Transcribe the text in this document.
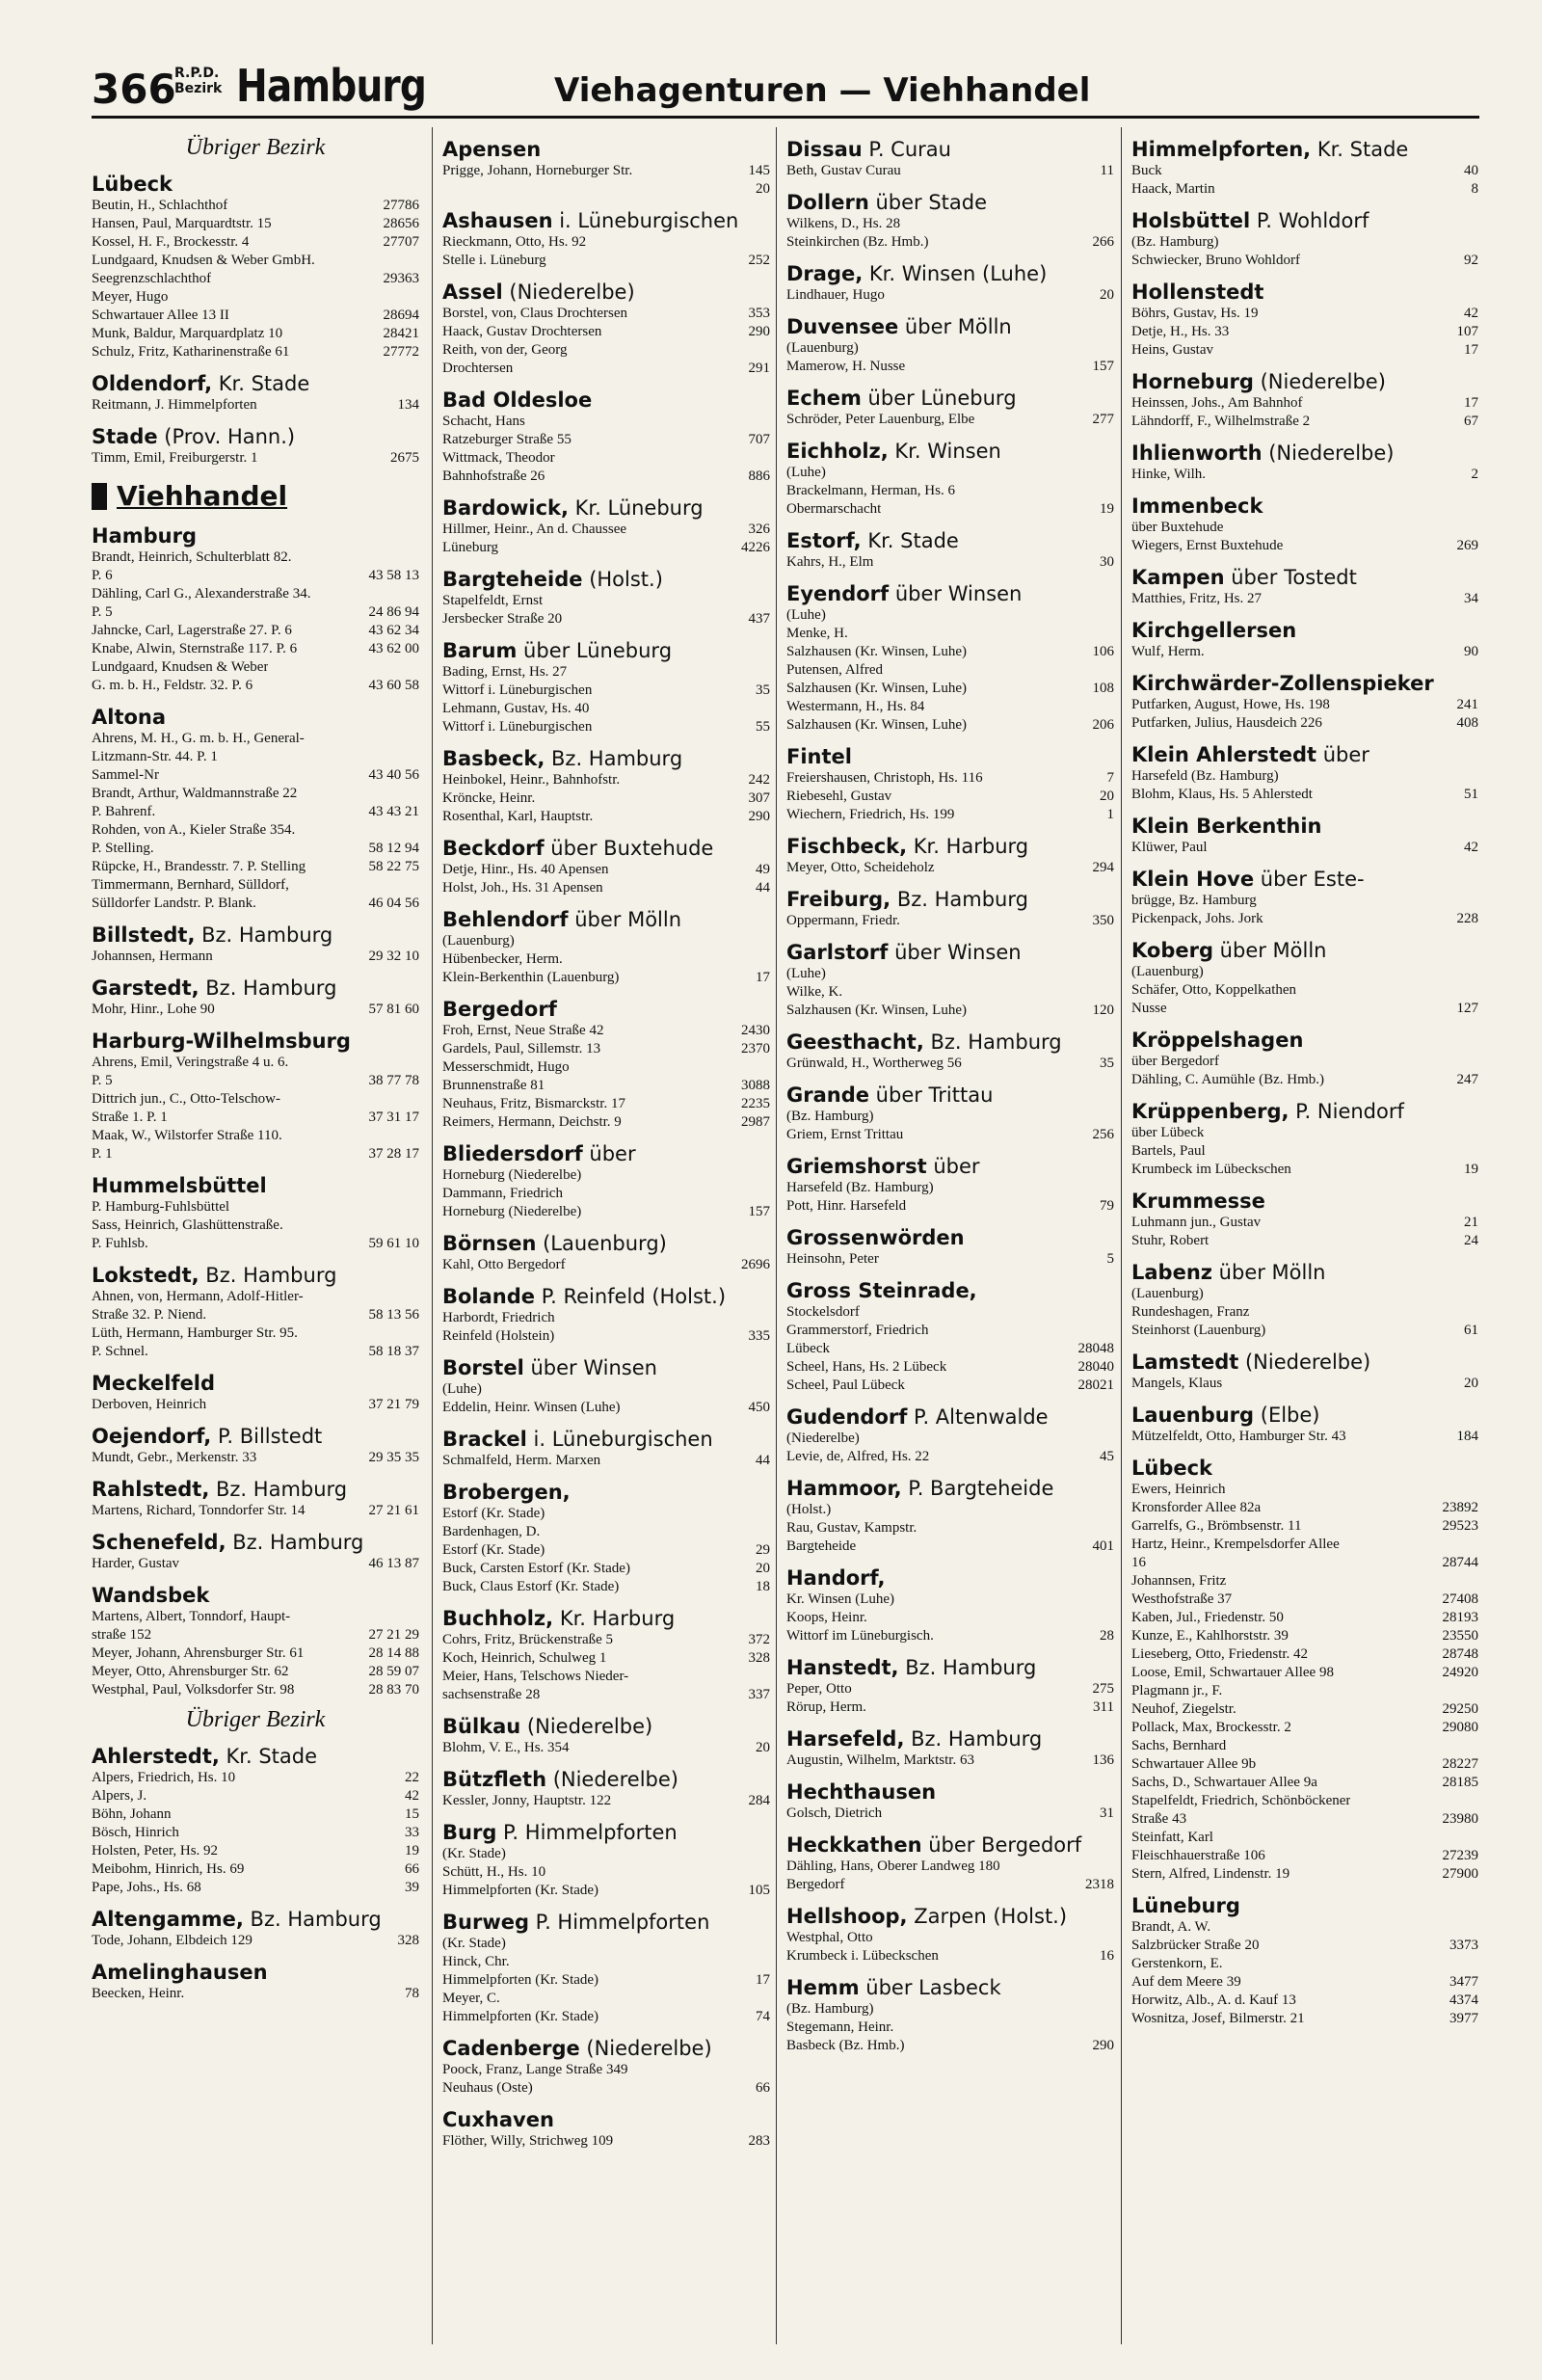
366
R.P.D.
Bezirk Hamburg	Viehagenturen — Viehhandel
Übriger Bezirk
Lübeck
Beutin, H., Schlachthof	27786
Hansen, Paul, Marquardtstr. 15	28656
Kossel, H. F., Brockesstr. 4	27707
Lundgaard, Knudsen & Weber GmbH.
Seegrenzschlachthof	29363
Meyer, Hugo
Schwartauer Allee 13 II	28694
Munk, Baldur, Marquardplatz 10	28421
Schulz, Fritz, Katharinenstraße 61	27772
Oldendorf, Kr. Stade
Reitmann, J. Himmelpforten	134
Stade (Prov. Hann.)
Timm, Emil, Freiburgerstr. 1	2675
Viehhandel
Hamburg
Brandt, Heinrich, Schulterblatt 82.
P. 6	43 58 13
Dähling, Carl G., Alexanderstraße 34.
P. 5	24 86 94
Jahncke, Carl, Lagerstraße 27. P. 6	43 62 34
Knabe, Alwin, Sternstraße 117. P. 6	43 62 00
Lundgaard, Knudsen & Weber
G. m. b. H., Feldstr. 32. P. 6	43 60 58
Altona
Ahrens, M. H., G. m. b. H., General-
Litzmann-Str. 44. P. 1
Sammel-Nr	43 40 56
Brandt, Arthur, Waldmannstraße 22
P. Bahrenf.	43 43 21
Rohden, von A., Kieler Straße 354.
P. Stelling.	58 12 94
Rüpcke, H., Brandesstr. 7. P. Stelling	58 22 75
Timmermann, Bernhard, Sülldorf,
Sülldorfer Landstr. P. Blank.	46 04 56
Billstedt, Bz. Hamburg
Johannsen, Hermann	29 32 10
Garstedt, Bz. Hamburg
Mohr, Hinr., Lohe 90	57 81 60
Harburg-Wilhelmsburg
Ahrens, Emil, Veringstraße 4 u. 6.
P. 5	38 77 78
Dittrich jun., C., Otto-Telschow-
Straße 1. P. 1	37 31 17
Maak, W., Wilstorfer Straße 110.
P. 1	37 28 17
Hummelsbüttel
P. Hamburg-Fuhlsbüttel
Sass, Heinrich, Glashüttenstraße.
P. Fuhlsb.	59 61 10
Lokstedt, Bz. Hamburg
Ahnen, von, Hermann, Adolf-Hitler-
Straße 32. P. Niend.	58 13 56
Lüth, Hermann, Hamburger Str. 95.
P. Schnel.	58 18 37
Meckelfeld
Derboven, Heinrich	37 21 79
Oejendorf, P. Billstedt
Mundt, Gebr., Merkenstr. 33	29 35 35
Rahlstedt, Bz. Hamburg
Martens, Richard, Tonndorfer Str. 14	27 21 61
Schenefeld, Bz. Hamburg
Harder, Gustav	46 13 87
Wandsbek
Martens, Albert, Tonndorf, Haupt-
straße 152	27 21 29
Meyer, Johann, Ahrensburger Str. 61	28 14 88
Meyer, Otto, Ahrensburger Str. 62	28 59 07
Westphal, Paul, Volksdorfer Str. 98	28 83 70
Übriger Bezirk
Ahlerstedt, Kr. Stade
Alpers, Friedrich, Hs. 10	22
Alpers, J.	42
Böhn, Johann	15
Bösch, Hinrich	33
Holsten, Peter, Hs. 92	19
Meibohm, Hinrich, Hs. 69	66
Pape, Johs., Hs. 68	39
Altengamme, Bz. Hamburg
Tode, Johann, Elbdeich 129	328
Amelinghausen
Beecken, Heinr.	78
Apensen
Prigge, Johann, Horneburger Str.	145
20
Ashausen i. Lüneburgischen
Rieckmann, Otto, Hs. 92
Stelle i. Lüneburg	252
Assel (Niederelbe)
Borstel, von, Claus Drochtersen	353
Haack, Gustav Drochtersen	290
Reith, von der, Georg
Drochtersen	291
Bad Oldesloe
Schacht, Hans
Ratzeburger Straße 55	707
Wittmack, Theodor
Bahnhofstraße 26	886
Bardowick, Kr. Lüneburg
Hillmer, Heinr., An d. Chaussee	326
Lüneburg	4226
Bargteheide (Holst.)
Stapelfeldt, Ernst
Jersbecker Straße 20	437
Barum über Lüneburg
Bading, Ernst, Hs. 27
Wittorf i. Lüneburgischen	35
Lehmann, Gustav, Hs. 40
Wittorf i. Lüneburgischen	55
Basbeck, Bz. Hamburg
Heinbokel, Heinr., Bahnhofstr.	242
Kröncke, Heinr.	307
Rosenthal, Karl, Hauptstr.	290
Beckdorf über Buxtehude
Detje, Hinr., Hs. 40 Apensen	49
Holst, Joh., Hs. 31 Apensen	44
Behlendorf über Mölln
(Lauenburg)
Hübenbecker, Herm.
Klein-Berkenthin (Lauenburg)	17
Bergedorf
Froh, Ernst, Neue Straße 42	2430
Gardels, Paul, Sillemstr. 13	2370
Messerschmidt, Hugo
Brunnenstraße 81	3088
Neuhaus, Fritz, Bismarckstr. 17	2235
Reimers, Hermann, Deichstr. 9	2987
Bliedersdorf über
Horneburg (Niederelbe)
Dammann, Friedrich
Horneburg (Niederelbe)	157
Börnsen (Lauenburg)
Kahl, Otto Bergedorf	2696
Bolande P. Reinfeld (Holst.)
Harbordt, Friedrich
Reinfeld (Holstein)	335
Borstel über Winsen
(Luhe)
Eddelin, Heinr. Winsen (Luhe)	450
Brackel i. Lüneburgischen
Schmalfeld, Herm. Marxen	44
Brobergen,
Estorf (Kr. Stade)
Bardenhagen, D.
Estorf (Kr. Stade)	29
Buck, Carsten Estorf (Kr. Stade)	20
Buck, Claus Estorf (Kr. Stade)	18
Buchholz, Kr. Harburg
Cohrs, Fritz, Brückenstraße 5	372
Koch, Heinrich, Schulweg 1	328
Meier, Hans, Telschows Nieder-
sachsenstraße 28	337
Bülkau (Niederelbe)
Blohm, V. E., Hs. 354	20
Bützfleth (Niederelbe)
Kessler, Jonny, Hauptstr. 122	284
Burg P. Himmelpforten
(Kr. Stade)
Schütt, H., Hs. 10
Himmelpforten (Kr. Stade)	105
Burweg P. Himmelpforten
(Kr. Stade)
Hinck, Chr.
Himmelpforten (Kr. Stade)	17
Meyer, C.
Himmelpforten (Kr. Stade)	74
Cadenberge (Niederelbe)
Poock, Franz, Lange Straße 349
Neuhaus (Oste)	66
Cuxhaven
Flöther, Willy, Strichweg 109	283
Dissau P. Curau
Beth, Gustav Curau	11
Dollern über Stade
Wilkens, D., Hs. 28
Steinkirchen (Bz. Hmb.)	266
Drage, Kr. Winsen (Luhe)
Lindhauer, Hugo	20
Duvensee über Mölln
(Lauenburg)
Mamerow, H. Nusse	157
Echem über Lüneburg
Schröder, Peter Lauenburg, Elbe	277
Eichholz, Kr. Winsen
(Luhe)
Brackelmann, Herman, Hs. 6
Obermarschacht	19
Estorf, Kr. Stade
Kahrs, H., Elm	30
Eyendorf über Winsen
(Luhe)
Menke, H.
Salzhausen (Kr. Winsen, Luhe)	106
Putensen, Alfred
Salzhausen (Kr. Winsen, Luhe)	108
Westermann, H., Hs. 84
Salzhausen (Kr. Winsen, Luhe)	206
Fintel
Freiershausen, Christoph, Hs. 116	7
Riebesehl, Gustav	20
Wiechern, Friedrich, Hs. 199	1
Fischbeck, Kr. Harburg
Meyer, Otto, Scheideholz	294
Freiburg, Bz. Hamburg
Oppermann, Friedr.	350
Garlstorf über Winsen
(Luhe)
Wilke, K.
Salzhausen (Kr. Winsen, Luhe)	120
Geesthacht, Bz. Hamburg
Grünwald, H., Wortherweg 56	35
Grande über Trittau
(Bz. Hamburg)
Griem, Ernst Trittau	256
Griemshorst über
Harsefeld (Bz. Hamburg)
Pott, Hinr. Harsefeld	79
Grossenwörden
Heinsohn, Peter	5
Gross Steinrade,
Stockelsdorf
Grammerstorf, Friedrich
Lübeck	28048
Scheel, Hans, Hs. 2 Lübeck	28040
Scheel, Paul Lübeck	28021
Gudendorf P. Altenwalde
(Niederelbe)
Levie, de, Alfred, Hs. 22	45
Hammoor, P. Bargteheide
(Holst.)
Rau, Gustav, Kampstr.
Bargteheide	401
Handorf,
Kr. Winsen (Luhe)
Koops, Heinr.
Wittorf im Lüneburgisch.	28
Hanstedt, Bz. Hamburg
Peper, Otto	275
Rörup, Herm.	311
Harsefeld, Bz. Hamburg
Augustin, Wilhelm, Marktstr. 63	136
Hechthausen
Golsch, Dietrich	31
Heckkathen über Bergedorf
Dähling, Hans, Oberer Landweg 180
Bergedorf	2318
Hellshoop, Zarpen (Holst.)
Westphal, Otto
Krumbeck i. Lübeckschen	16
Hemm über Lasbeck
(Bz. Hamburg)
Stegemann, Heinr.
Basbeck (Bz. Hmb.)	290
Himmelpforten, Kr. Stade
Buck	40
Haack, Martin	8
Holsbüttel P. Wohldorf
(Bz. Hamburg)
Schwiecker, Bruno Wohldorf	92
Hollenstedt
Böhrs, Gustav, Hs. 19	42
Detje, H., Hs. 33	107
Heins, Gustav	17
Horneburg (Niederelbe)
Heinssen, Johs., Am Bahnhof	17
Lähndorff, F., Wilhelmstraße 2	67
Ihlienworth (Niederelbe)
Hinke, Wilh.	2
Immenbeck
über Buxtehude
Wiegers, Ernst Buxtehude	269
Kampen über Tostedt
Matthies, Fritz, Hs. 27	34
Kirchgellersen
Wulf, Herm.	90
Kirchwärder-Zollenspieker
Putfarken, August, Howe, Hs. 198	241
Putfarken, Julius, Hausdeich 226	408
Klein Ahlerstedt über
Harsefeld (Bz. Hamburg)
Blohm, Klaus, Hs. 5 Ahlerstedt	51
Klein Berkenthin
Klüwer, Paul	42
Klein Hove über Este-
brügge, Bz. Hamburg
Pickenpack, Johs. Jork	228
Koberg über Mölln
(Lauenburg)
Schäfer, Otto, Koppelkathen
Nusse	127
Kröppelshagen
über Bergedorf
Dähling, C. Aumühle (Bz. Hmb.)	247
Krüppenberg, P. Niendorf
über Lübeck
Bartels, Paul
Krumbeck im Lübeckschen	19
Krummesse
Luhmann jun., Gustav	21
Stuhr, Robert	24
Labenz über Mölln
(Lauenburg)
Rundeshagen, Franz
Steinhorst (Lauenburg)	61
Lamstedt (Niederelbe)
Mangels, Klaus	20
Lauenburg (Elbe)
Mützelfeldt, Otto, Hamburger Str. 43	184
Lübeck
Ewers, Heinrich
Kronsforder Allee 82a	23892
Garrelfs, G., Brömbsenstr. 11	29523
Hartz, Heinr., Krempelsdorfer Allee
16	28744
Johannsen, Fritz
Westhofstraße 37	27408
Kaben, Jul., Friedenstr. 50	28193
Kunze, E., Kahlhorststr. 39	23550
Lieseberg, Otto, Friedenstr. 42	28748
Loose, Emil, Schwartauer Allee 98	24920
Plagmann jr., F.
Neuhof, Ziegelstr.	29250
Pollack, Max, Brockesstr. 2	29080
Sachs, Bernhard
Schwartauer Allee 9b	28227
Sachs, D., Schwartauer Allee 9a	28185
Stapelfeldt, Friedrich, Schönböckener
Straße 43	23980
Steinfatt, Karl
Fleischhauerstraße 106	27239
Stern, Alfred, Lindenstr. 19	27900
Lüneburg
Brandt, A. W.
Salzbrücker Straße 20	3373
Gerstenkorn, E.
Auf dem Meere 39	3477
Horwitz, Alb., A. d. Kauf 13	4374
Wosnitza, Josef, Bilmerstr. 21	3977
